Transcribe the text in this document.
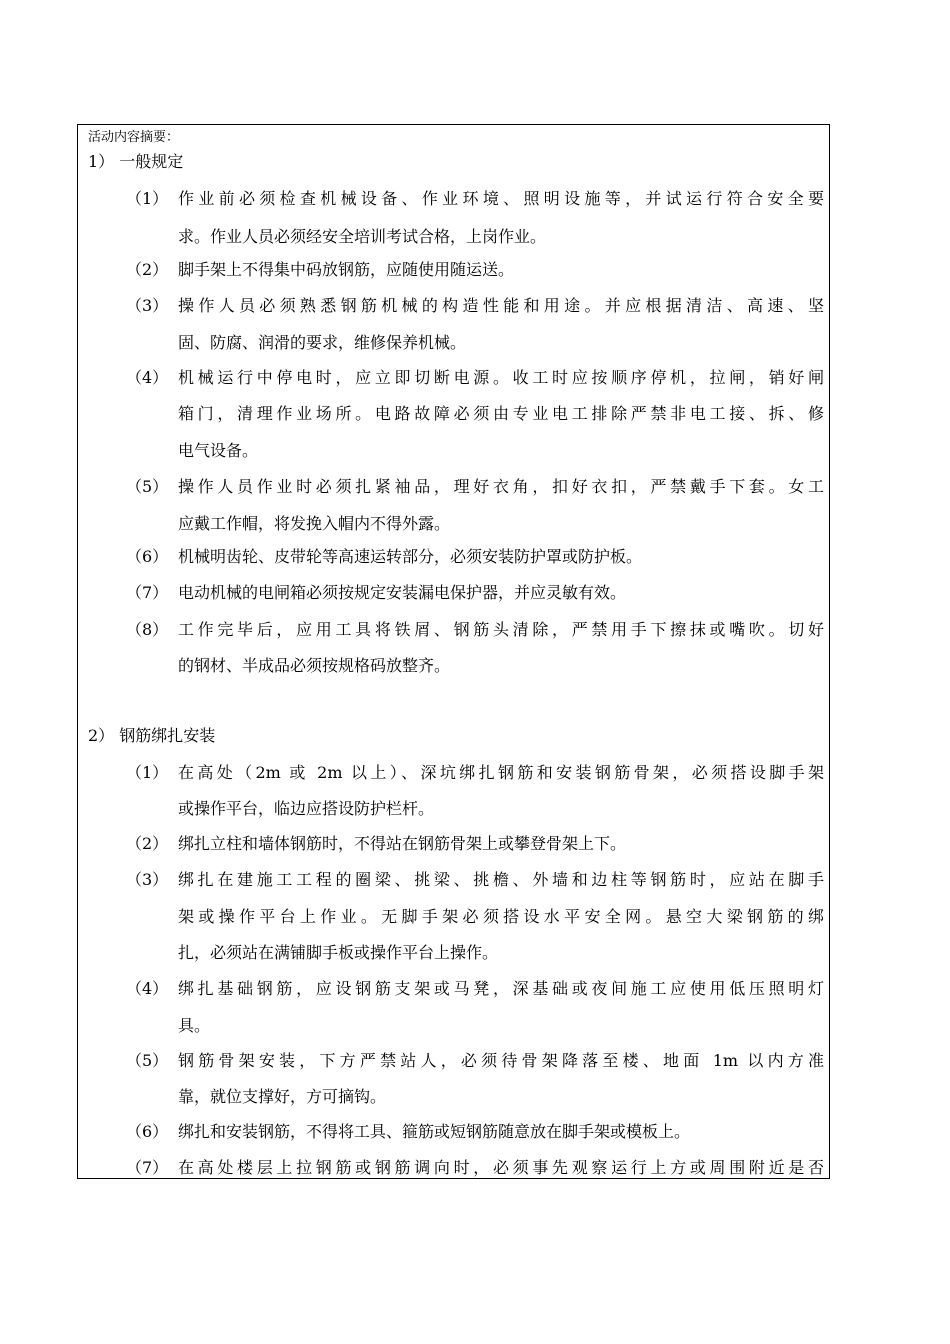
活动内容摘要：
1） 一般规定
（1） 作业前必须检查机械设备、作业环境、照明设施等，并试运行符合安全要
求。作业人员必须经安全培训考试合格，上岗作业。
（2） 脚手架上不得集中码放钢筋，应随使用随运送。
（3） 操作人员必须熟悉钢筋机械的构造性能和用途。并应根据清洁、高速、坚
固、防腐、润滑的要求，维修保养机械。
（4） 机械运行中停电时，应立即切断电源。收工时应按顺序停机，拉闸，销好闸
箱门，清理作业场所。电路故障必须由专业电工排除严禁非电工接、拆、修
电气设备。
（5） 操作人员作业时必须扎紧袖品，理好衣角，扣好衣扣，严禁戴手下套。女工
应戴工作帽，将发挽入帽内不得外露。
（6） 机械明齿轮、皮带轮等高速运转部分，必须安装防护罩或防护板。
（7） 电动机械的电闸箱必须按规定安装漏电保护器，并应灵敏有效。
（8） 工作完毕后，应用工具将铁屑、钢筋头清除，严禁用手下擦抹或嘴吹。切好
的钢材、半成品必须按规格码放整齐。
2） 钢筋绑扎安装
（1） 在高处（2m 或 2m 以上）、深坑绑扎钢筋和安装钢筋骨架，必须搭设脚手架
或操作平台，临边应搭设防护栏杆。
（2） 绑扎立柱和墙体钢筋时，不得站在钢筋骨架上或攀登骨架上下。
（3） 绑扎在建施工工程的圈梁、挑梁、挑檐、外墙和边柱等钢筋时，应站在脚手
架或操作平台上作业。无脚手架必须搭设水平安全网。悬空大梁钢筋的绑
扎，必须站在满铺脚手板或操作平台上操作。
（4） 绑扎基础钢筋，应设钢筋支架或马凳，深基础或夜间施工应使用低压照明灯
具。
（5） 钢筋骨架安装，下方严禁站人，必须待骨架降落至楼、地面 1m 以内方准
靠，就位支撑好，方可摘钩。
（6） 绑扎和安装钢筋，不得将工具、箍筋或短钢筋随意放在脚手架或模板上。
（7） 在高处楼层上拉钢筋或钢筋调向时，必须事先观察运行上方或周围附近是否
